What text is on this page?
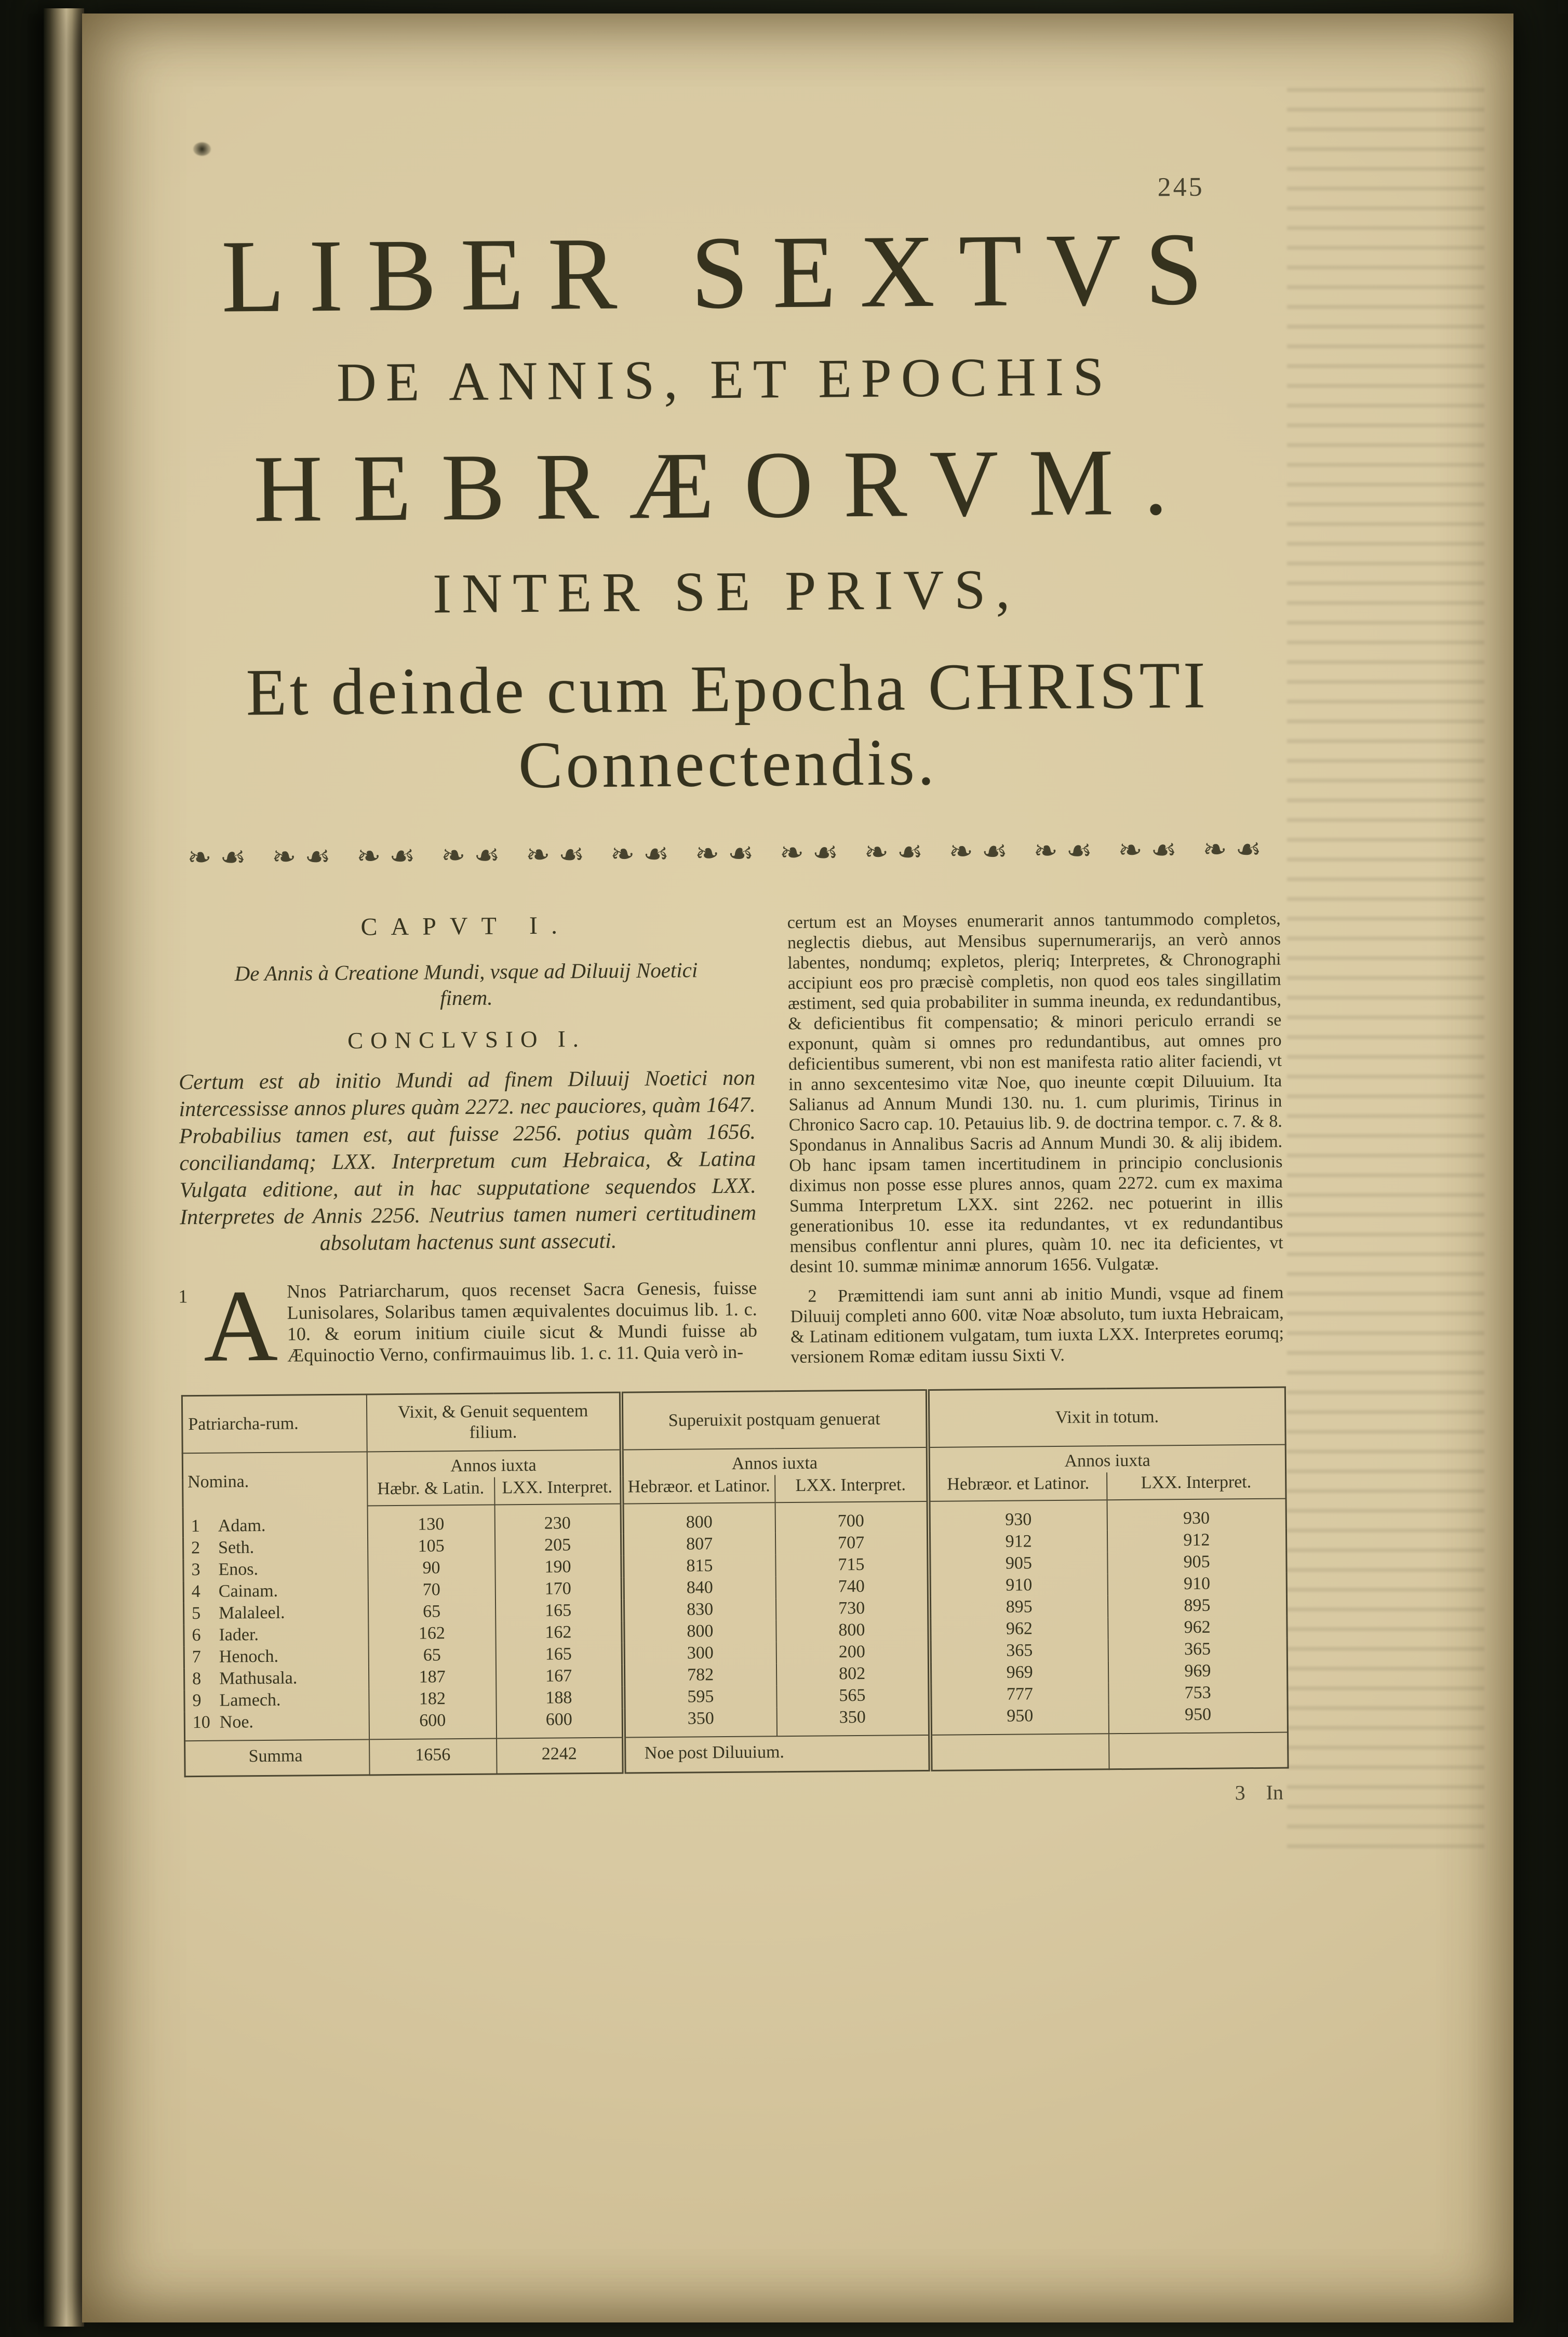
245
LIBER SEXTVS
DE ANNIS, ET EPOCHIS
HEBRÆORVM.
INTER SE PRIVS,
Et deinde cum Epocha CHRISTI
Connectendis.
❧☙ ❧☙ ❧☙ ❧☙ ❧☙ ❧☙ ❧☙ ❧☙ ❧☙ ❧☙ ❧☙ ❧☙ ❧☙
CAPVT I.
De Annis à Creatione Mundi, vsque ad Diluuij Noetici finem.
CONCLVSIO I.
Certum est ab initio Mundi ad finem Diluuij Noetici non intercessisse annos plures quàm 2272. nec pauciores, quàm 1647. Probabilius tamen est, aut fuisse 2256. potius quàm 1656. conciliandamq; LXX. Interpretum cum Hebraica, & Latina Vulgata editione, aut in hac supputatione sequendos LXX. Interpretes de Annis 2256. Neutrius tamen numeri certitudinem absolutam hactenus sunt assecuti.
1 A Nnos Patriarcharum, quos recenset Sacra Genesis, fuisse Lunisolares, Solaribus tamen æquivalentes docuimus lib. 1. c. 10. & eorum initium ciuile sicut & Mundi fuisse ab Æquinoctio Verno, confirmauimus lib. 1. c. 11. Quia verò in-

certum est an Moyses enumerarit annos tantummodo completos, neglectis diebus, aut Mensibus supernumerarijs, an verò annos labentes, nondumq; expletos, pleriq; Interpretes, & Chronographi accipiunt eos pro præcisè completis, non quod eos tales singillatim æstiment, sed quia probabiliter in summa ineunda, ex redundantibus, & deficientibus fit compensatio; & minori periculo errandi se exponunt, quàm si omnes pro redundantibus, aut omnes pro deficientibus sumerent, vbi non est manifesta ratio aliter faciendi, vt in anno sexcentesimo vitæ Noe, quo ineunte cœpit Diluuium. Ita Salianus ad Annum Mundi 130. nu. 1. cum plurimis, Tirinus in Chronico Sacro cap. 10. Petauius lib. 9. de doctrina tempor. c. 7. & 8. Spondanus in Annalibus Sacris ad Annum Mundi 30. & alij ibidem. Ob hanc ipsam tamen incertitudinem in principio conclusionis diximus non posse esse plures annos, quam 2272. cum ex maxima Summa Interpretum LXX. sint 2262. nec potuerint in illis generationibus 10. esse ita redundantes, vt ex redundantibus mensibus conflentur anni plures, quàm 10. nec ita deficientes, vt desint 10. summæ minimæ annorum 1656. Vulgatæ.

2 Præmittendi iam sunt anni ab initio Mundi, vsque ad finem Diluuij completi anno 600. vitæ Noæ absoluto, tum iuxta Hebraicam, & Latinam editionem vulgatam, tum iuxta LXX. Interpretes eorumq; versionem Romæ editam iussu Sixti V.

Patriarcha-rum.	Vixit, & Genuit sequentem filium.		Superuixit postquam genuerat		Vixit in totum.	
Nomina.	Annos iuxta		Annos iuxta		Annos iuxta	
	Hæbr. & Latin.	LXX. Interpret.	Hebræor. et Latinor.	LXX. Interpret.	Hebræor. et Latinor.	LXX. Interpret.
1 Adam.	130	230	800	700	930	930
2 Seth.	105	205	807	707	912	912
3 Enos.	90	190	815	715	905	905
4 Cainam.	70	170	840	740	910	910
5 Malaleel.	65	165	830	730	895	895
6 Iader.	162	162	800	800	962	962
7 Henoch.	65	165	300	200	365	365
8 Mathusala.	187	167	782	802	969	969
9 Lamech.	182	188	595	565	777	753
10 Noe.	600	600	350	350	950	950
Summa	1656	2242	Noe post Diluuium.			
3 In
